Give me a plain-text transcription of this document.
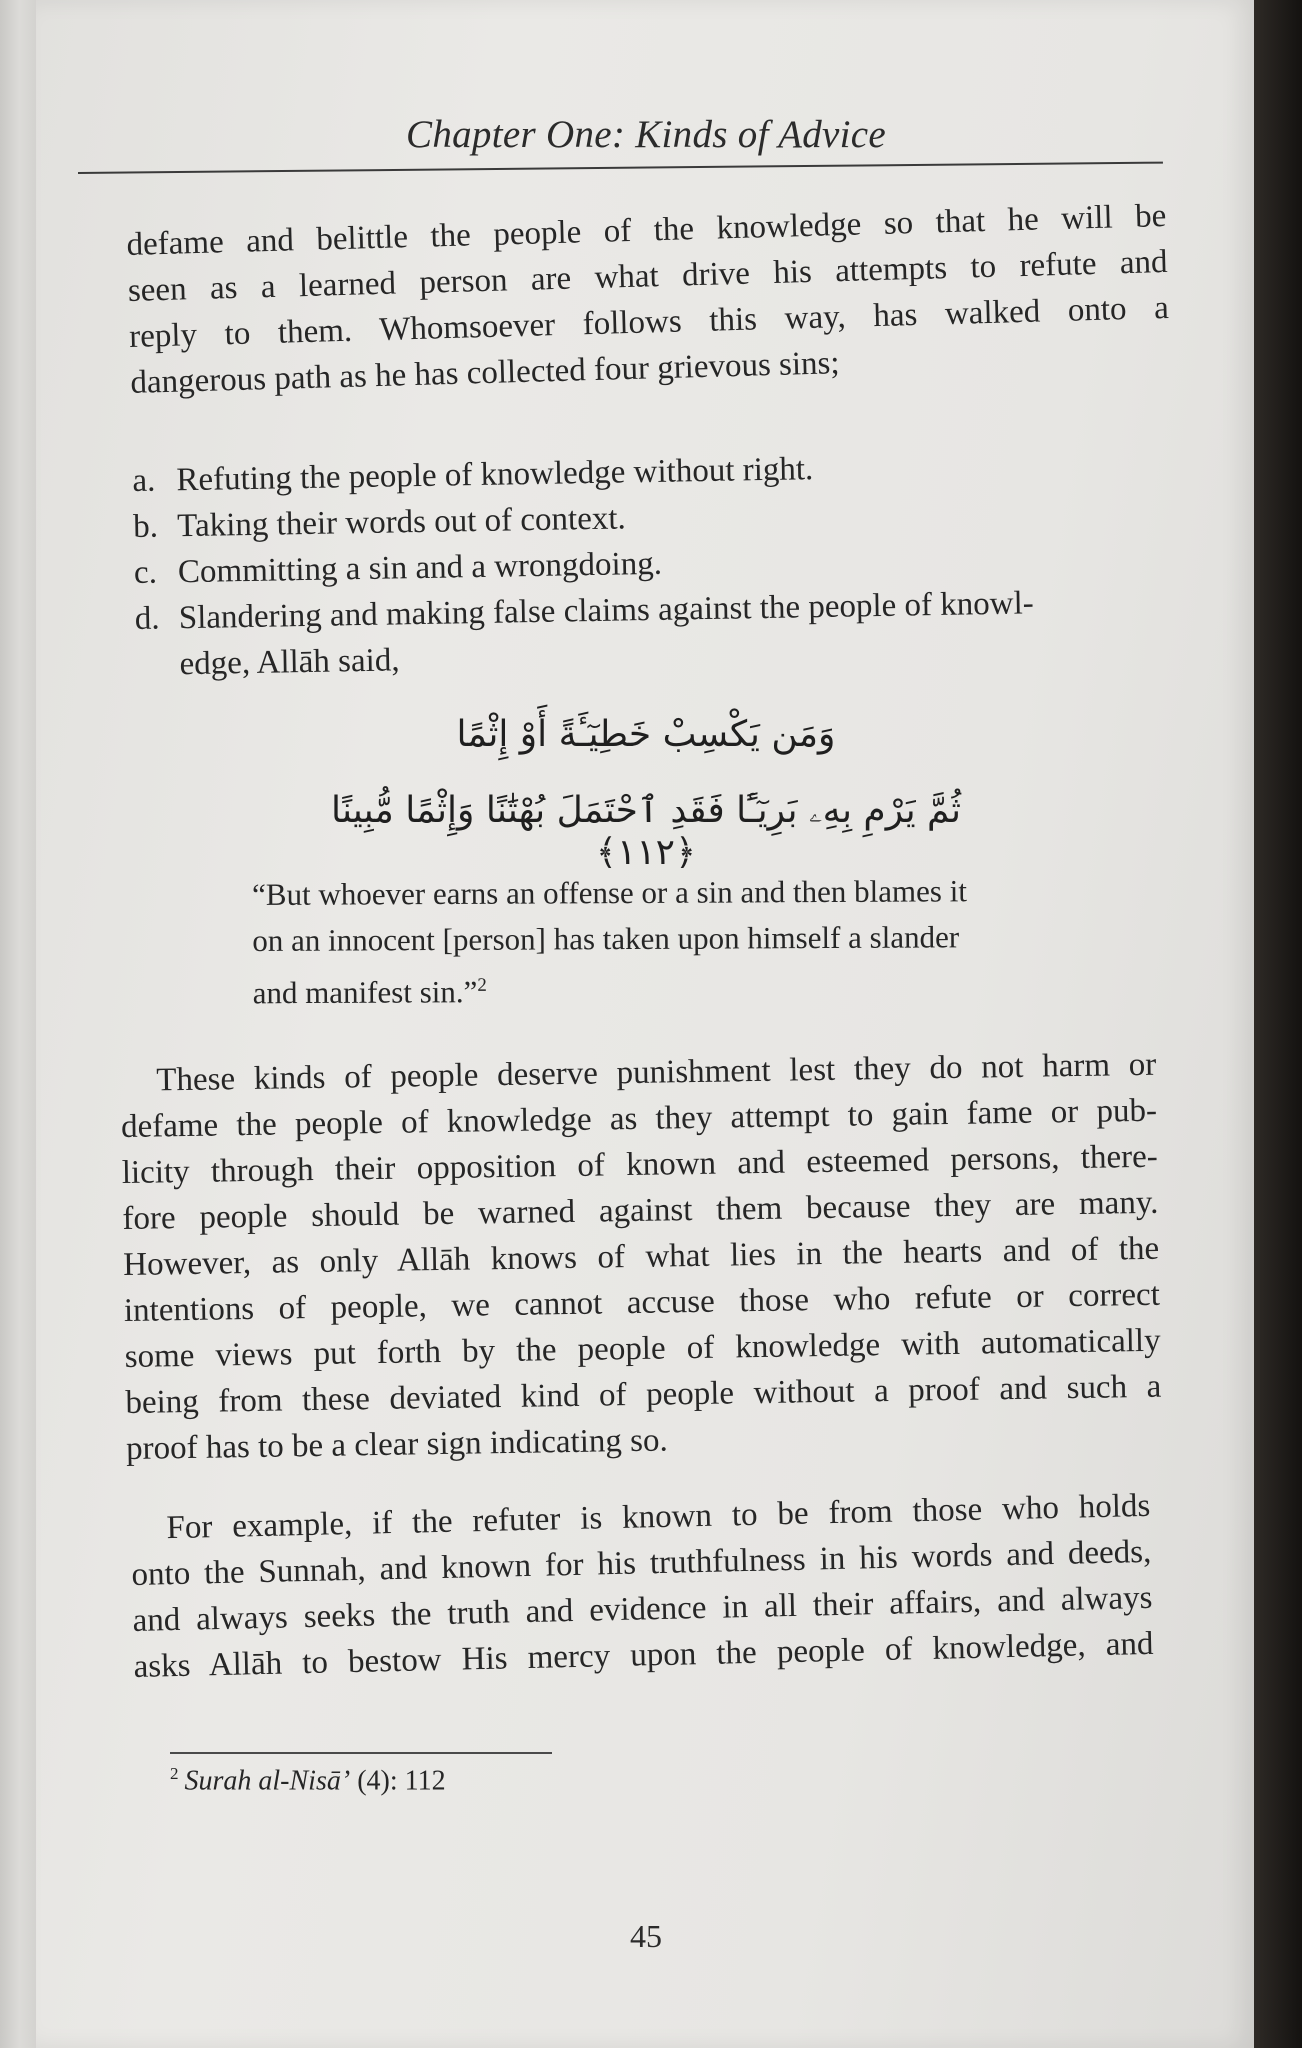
Chapter One: Kinds of Advice
defame and belittle the people of the knowledge so that he will be
seen as a learned person are what drive his attempts to refute and
reply to them. Whomsoever follows this way, has walked onto a
dangerous path as he has collected four grievous sins;
a. Refuting the people of knowledge without right.
b. Taking their words out of context.
c. Committing a sin and a wrongdoing.
d. Slandering and making false claims against the people of knowl-
edge, Allāh said,
وَمَن يَكْسِبْ خَطِيٓـَٔةً أَوْ إِثْمًا
ثُمَّ يَرْمِ بِهِۦ بَرِيٓـًٔا فَقَدِ ٱحْتَمَلَ بُهْتَٰنًا وَإِثْمًا مُّبِينًا ﴿١١٢﴾
“But whoever earns an offense or a sin and then blames it
on an innocent [person] has taken upon himself a slander
and manifest sin.”$^2$
These kinds of people deserve punishment lest they do not harm or
defame the people of knowledge as they attempt to gain fame or pub-
licity through their opposition of known and esteemed persons, there-
fore people should be warned against them because they are many.
However, as only Allāh knows of what lies in the hearts and of the
intentions of people, we cannot accuse those who refute or correct
some views put forth by the people of knowledge with automatically
being from these deviated kind of people without a proof and such a
proof has to be a clear sign indicating so.
For example, if the refuter is known to be from those who holds
onto the Sunnah, and known for his truthfulness in his words and deeds,
and always seeks the truth and evidence in all their affairs, and always
asks Allāh to bestow His mercy upon the people of knowledge, and
$^2$ Surah al-Nisā’ (4): 112
45
